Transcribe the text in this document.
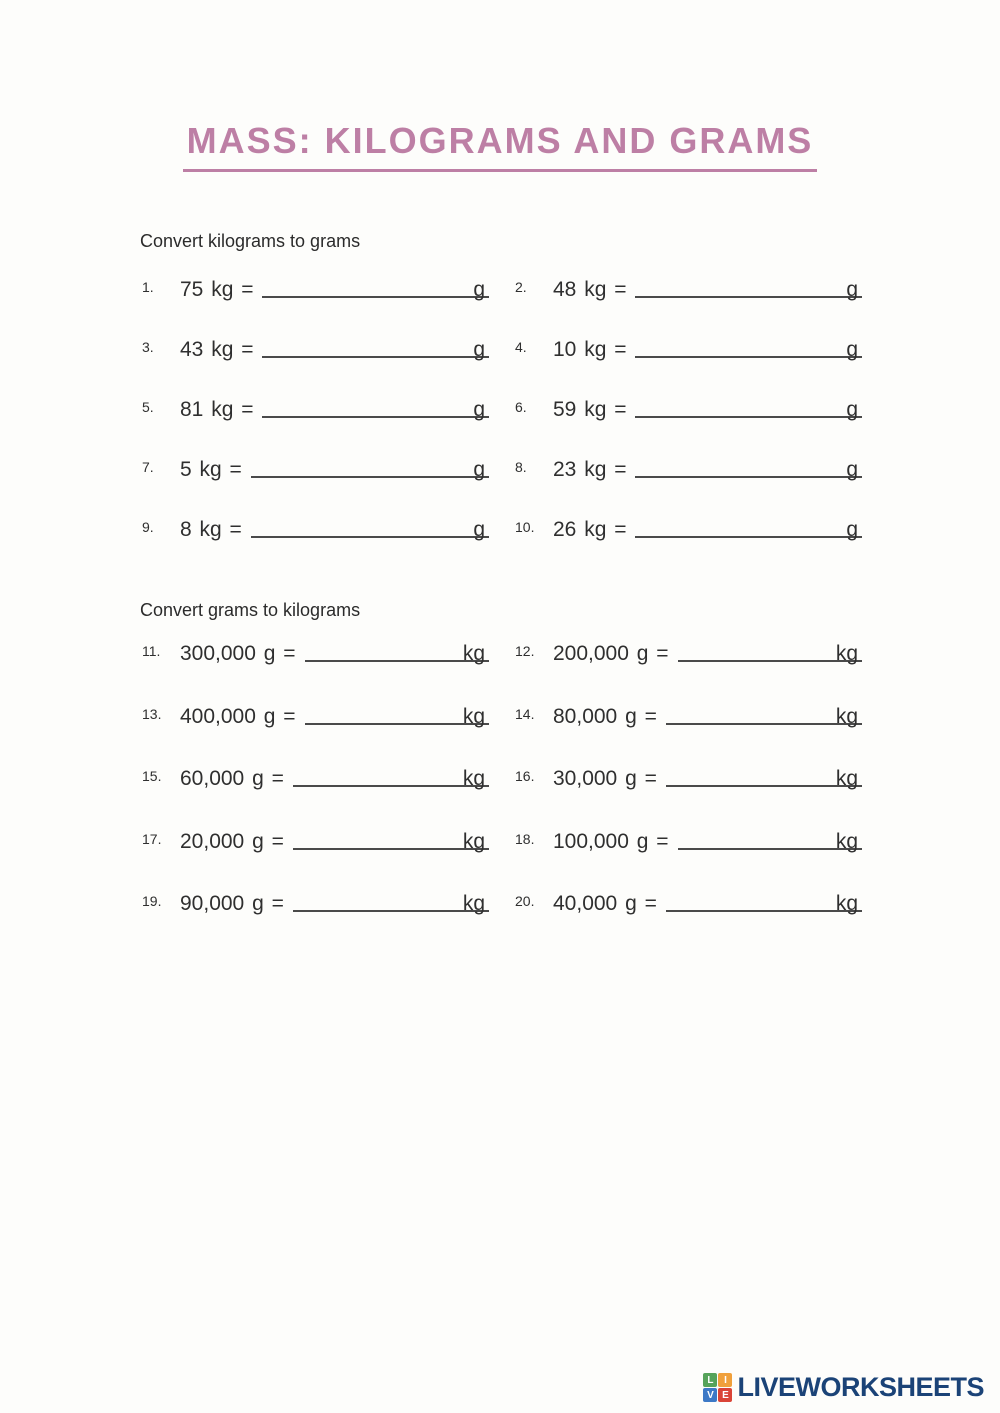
MASS: KILOGRAMS AND GRAMS
Convert kilograms to grams
1.	75 kg =	g 2.	48 kg =	g
3.	43 kg =	g 4.	10 kg =	g
5.	81 kg =	g 6.	59 kg =	g
7.	5 kg =	g 8.	23 kg =	g
9.	8 kg =	g 10. 26 kg =	g
Convert grams to kilograms
11. 300,000 g =	kg 12. 200,000 g =	kg
13. 400,000 g =	kg 14. 80,000 g =	kg
15. 60,000 g =	kg 16. 30,000 g =	kg
17. 20,000 g =	kg 18. 100,000 g =	kg
19. 90,000 g =	kg 20. 40,000 g =	kg
L	I
V E LIVEWORKSHEETS
